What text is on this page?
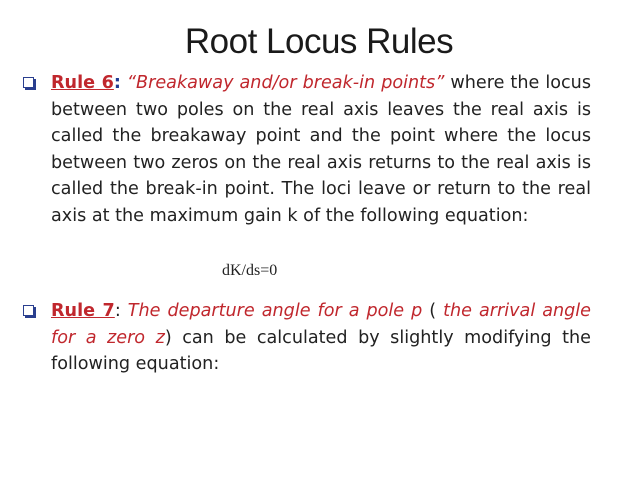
Root Locus Rules
Rule 6: “Breakaway and/or break-in points” where the locus between two poles on the real axis leaves the real axis is called the breakaway point and the point where the locus between two zeros on the real axis returns to the real axis is called the break-in point. The loci leave or return to the real axis at the maximum gain k of the following equation:
dK/ds=0
Rule 7: The departure angle for a pole p ( the arrival angle for a zero z) can be calculated by slightly modifying the following equation:
